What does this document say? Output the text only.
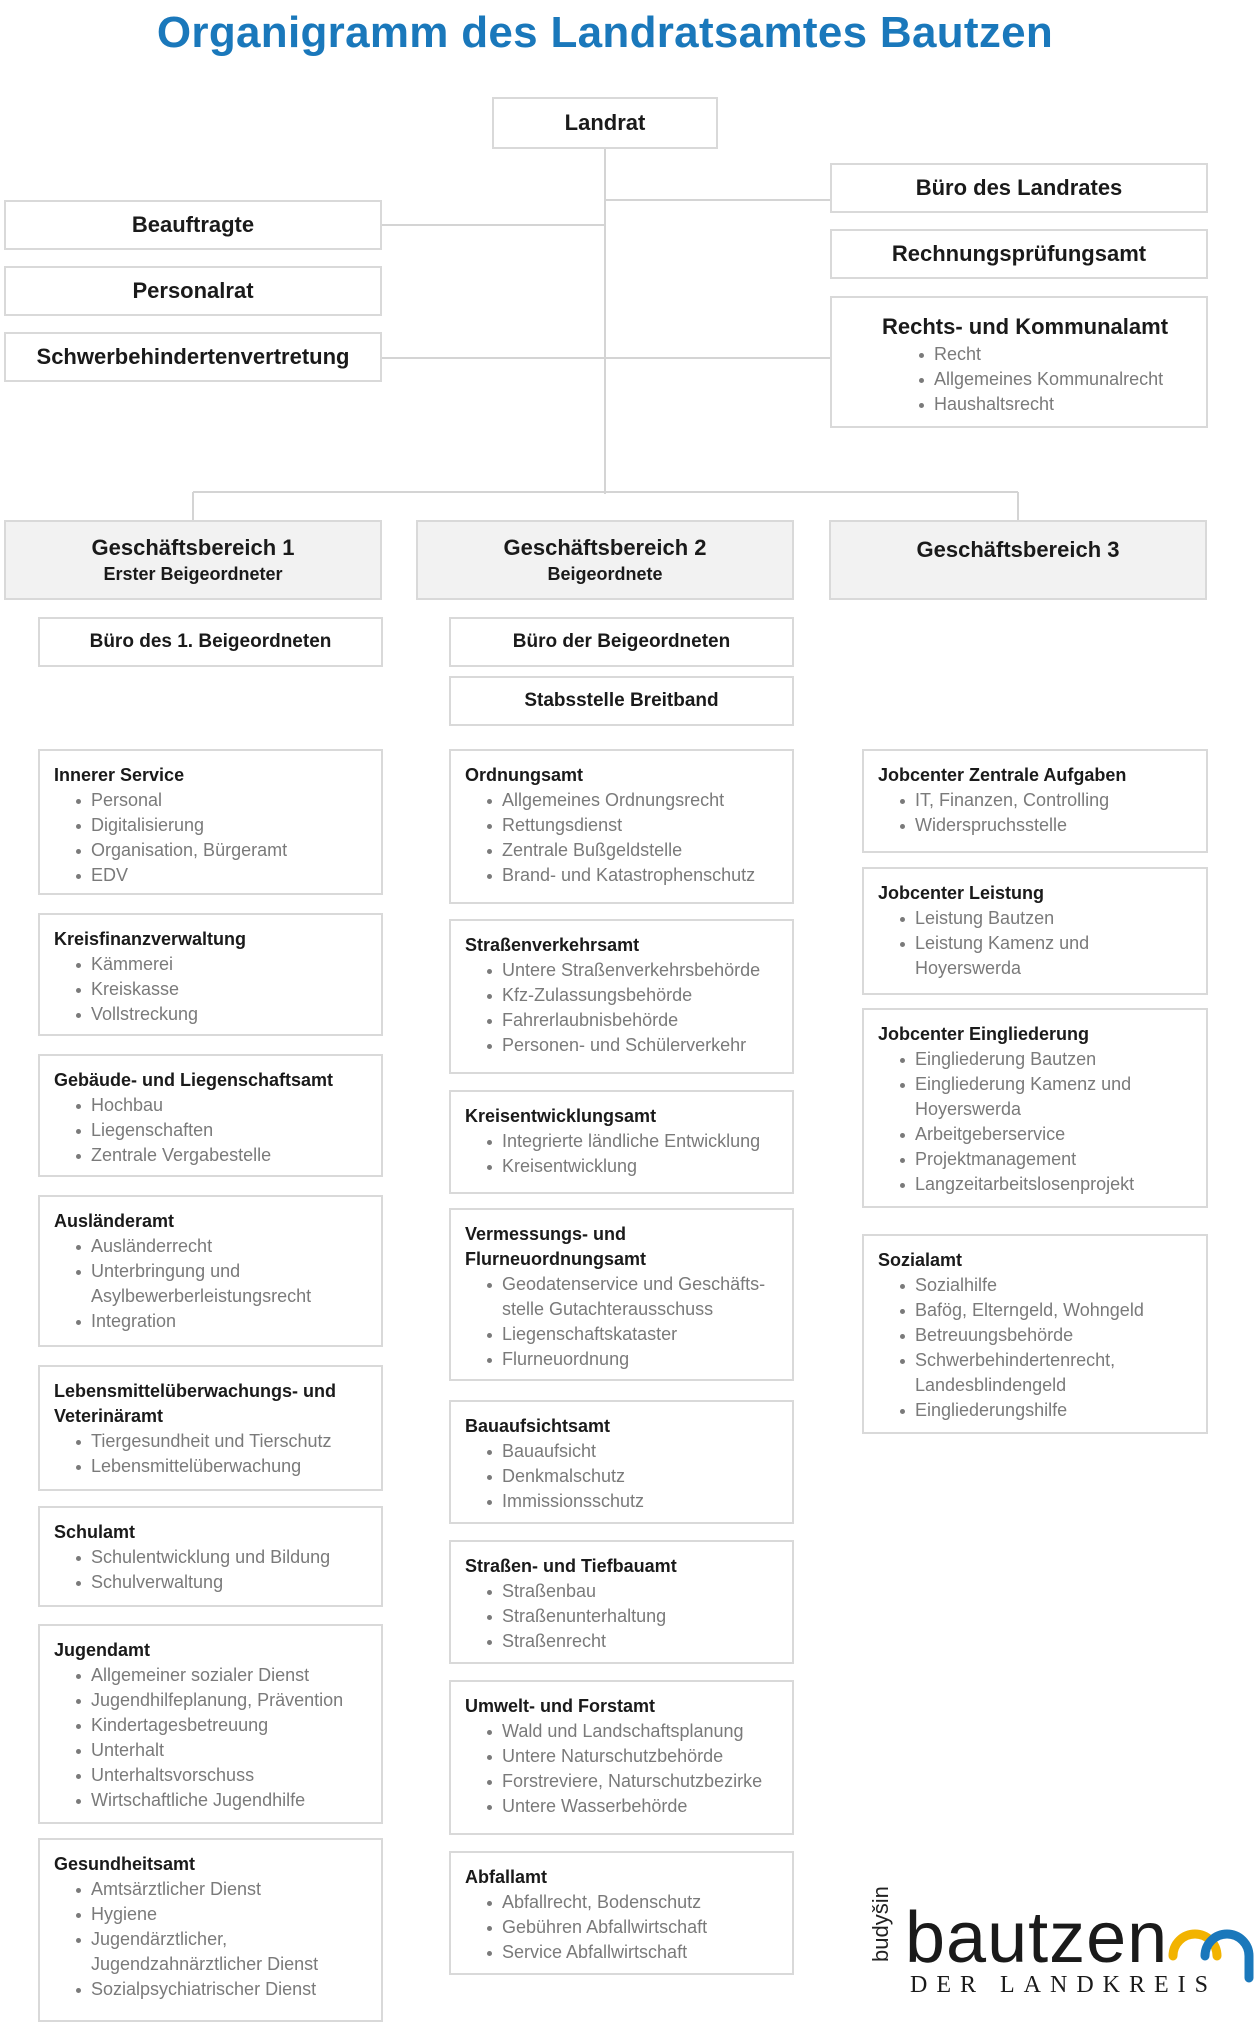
Organigramm des Landratsamtes Bautzen
Landrat
Beauftragte
Personalrat
Schwerbehindertenvertretung
Büro des Landrates
Rechnungsprüfungsamt
Rechts- und Kommunalamt
Recht
Allgemeines Kommunalrecht
Haushaltsrecht
Geschäftsbereich 1
Erster Beigeordneter
Geschäftsbereich 2
Beigeordnete
Geschäftsbereich 3
Büro des 1. Beigeordneten	Büro der Beigeordneten
Stabsstelle Breitband
Innerer Service
Personal
Digitalisierung
Organisation, Bürgeramt
EDV
Kreisfinanzverwaltung
Kämmerei
Kreiskasse
Vollstreckung
Gebäude- und Liegenschaftsamt
Hochbau
Liegenschaften
Zentrale Vergabestelle
Ausländeramt
Ausländerrecht
Unterbringung und Asylbewerberleistungsrecht
Integration
Lebensmittelüberwachungs- und Veterinäramt
Tiergesundheit und Tierschutz
Lebensmittelüberwachung
Schulamt
Schulentwicklung und Bildung
Schulverwaltung
Jugendamt
Allgemeiner sozialer Dienst
Jugendhilfeplanung, Prävention
Kindertagesbetreuung
Unterhalt
Unterhaltsvorschuss
Wirtschaftliche Jugendhilfe
Gesundheitsamt
Amtsärztlicher Dienst
Hygiene
Jugendärztlicher, Jugendzahnärztlicher Dienst
Sozialpsychiatrischer Dienst
Ordnungsamt
Allgemeines Ordnungsrecht
Rettungsdienst
Zentrale Bußgeldstelle
Brand- und Katastrophenschutz
Straßenverkehrsamt
Untere Straßenverkehrsbehörde
Kfz-Zulassungsbehörde
Fahrerlaubnisbehörde
Personen- und Schülerverkehr
Kreisentwicklungsamt
Integrierte ländliche Entwicklung
Kreisentwicklung
Vermessungs- und Flurneuordnungsamt
Geodatenservice und Geschäfts-stelle Gutachterausschuss
Liegenschaftskataster
Flurneuordnung
Bauaufsichtsamt
Bauaufsicht
Denkmalschutz
Immissionsschutz
Straßen- und Tiefbauamt
Straßenbau
Straßenunterhaltung
Straßenrecht
Umwelt- und Forstamt
Wald und Landschaftsplanung
Untere Naturschutzbehörde
Forstreviere, Naturschutzbezirke
Untere Wasserbehörde
Abfallamt
Abfallrecht, Bodenschutz
Gebühren Abfallwirtschaft
Service Abfallwirtschaft
Jobcenter Zentrale Aufgaben
IT, Finanzen, Controlling
Widerspruchsstelle
Jobcenter Leistung
Leistung Bautzen
Leistung Kamenz und Hoyerswerda
Jobcenter Eingliederung
Eingliederung Bautzen
Eingliederung Kamenz und Hoyerswerda
Arbeitgeberservice
Projektmanagement
Langzeitarbeitslosenprojekt
Sozialamt
Sozialhilfe
Bafög, Elterngeld, Wohngeld
Betreuungsbehörde
Schwerbehindertenrecht, Landesblindengeld
Eingliederungshilfe
budyšin bautzen
DER LANDKREIS
